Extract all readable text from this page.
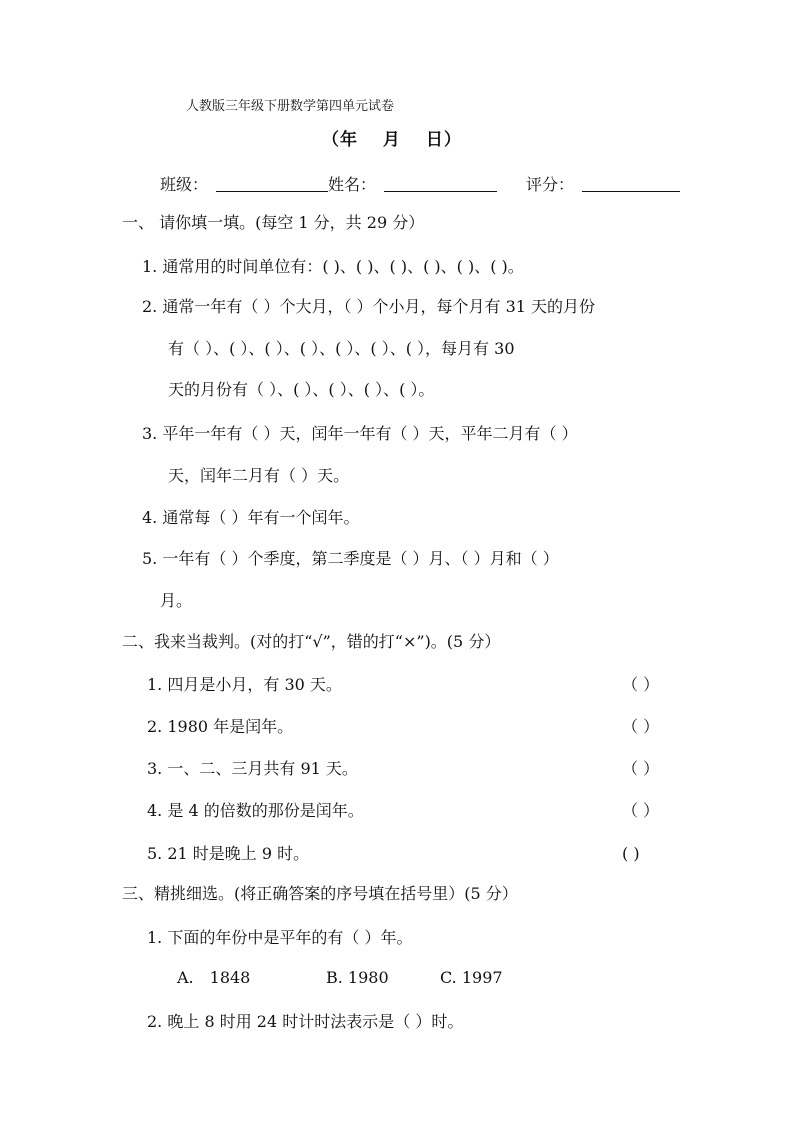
人教版三年级下册数学第四单元试卷
（年　 月　 日）
班级：	姓名：	评分：
一、 请你填一填。(每空 1 分，共 29 分）
1. 通常用的时间单位有：( )、( )、( )、( )、( )、( )。
2. 通常一年有（ ）个大月，（ ）个小月，每个月有 31 天的月份
有（ ）、( ）、( ）、( ）、( ）、( ）、( ），每月有 30
天的月份有（ ）、( ）、( ）、( ）、( ）。
3. 平年一年有（ ）天，闰年一年有（ ）天，平年二月有（ ）
天，闰年二月有（ ）天。
4. 通常每（ ）年有一个闰年。
5. 一年有（ ）个季度，第二季度是（ ）月、（ ）月和（ ）
月。
二、我来当裁判。(对的打“√”，错的打“×”)。(5 分）
1. 四月是小月，有 30 天。	（ ）
2. 1980 年是闰年。	（ ）
3. 一、二、三月共有 91 天。	（ ）
4. 是 4 的倍数的那份是闰年。	（ ）
5. 21 时是晚上 9 时。	( )
三、精挑细选。(将正确答案的序号填在括号里）(5 分）
1. 下面的年份中是平年的有（ ）年。
A.　1848	B. 1980	C. 1997
2. 晚上 8 时用 24 时计时法表示是（ ）时。
